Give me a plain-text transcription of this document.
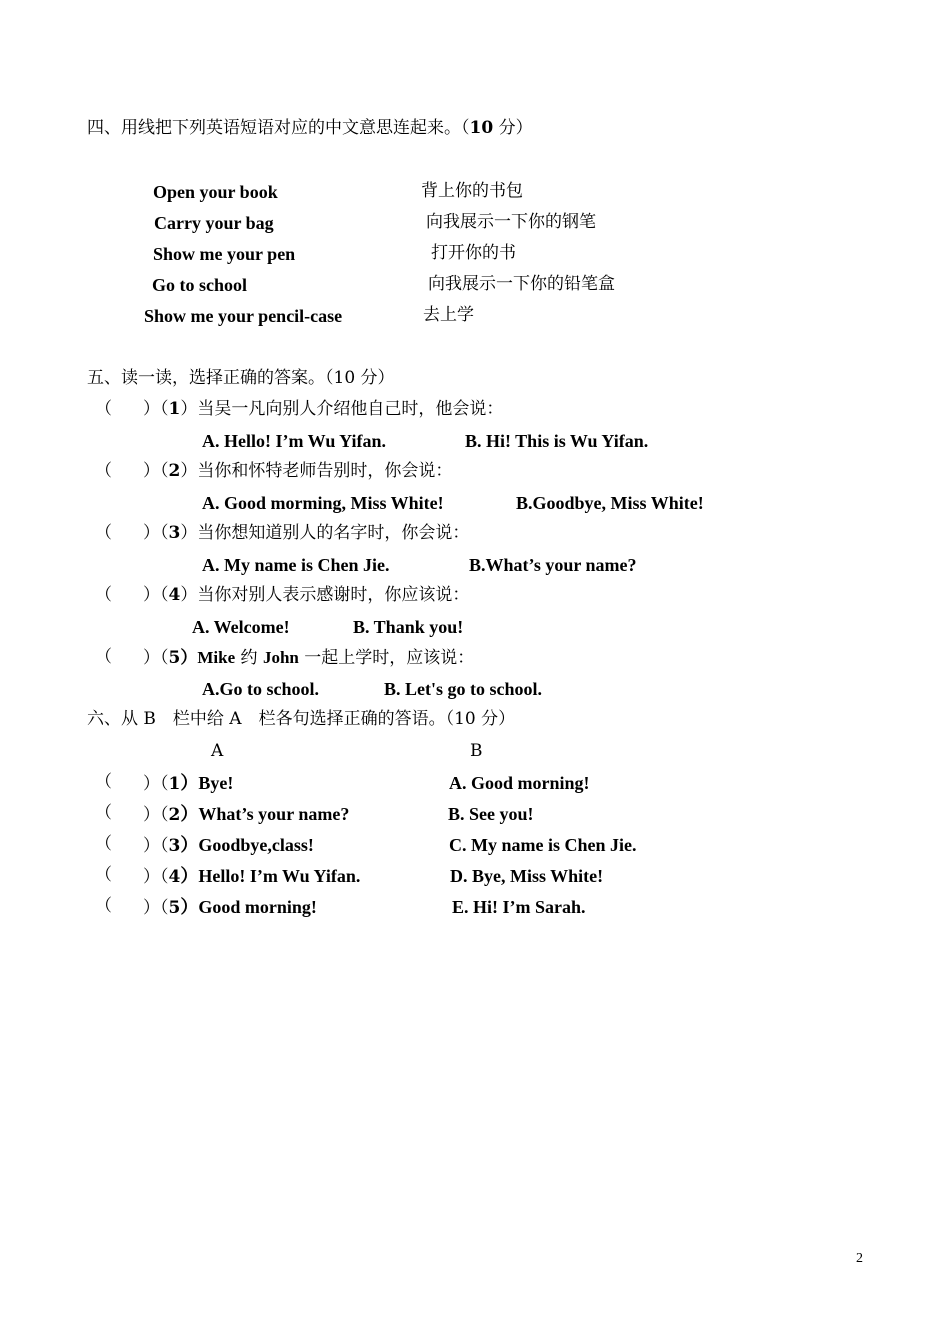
四、用线把下列英语短语对应的中文意思连起来。（10 分）
Open your book	背上你的书包
Carry your bag	向我展示一下你的钢笔
Show me your pen	打开你的书
Go to school	向我展示一下你的铅笔盒
Show me your pencil-case	去上学
五、读一读，选择正确的答案。（10 分）
（ ）（1）当吴一凡向别人介绍他自己时，他会说：
A. Hello! I’m Wu Yifan.	B. Hi! This is Wu Yifan.
（ ）（2）当你和怀特老师告别时，你会说：
A. Good morming, Miss White!	B.Goodbye, Miss White!
（ ）（3）当你想知道别人的名字时，你会说：
A. My name is Chen Jie.	B.What’s your name?
（ ）（4）当你对别人表示感谢时，你应该说：
A. Welcome!	B. Thank you!
（ ）（5）Mike 约 John 一起上学时，应该说：
A.Go to school.	B. Let's go to school.
六、从 B　栏中给 A　栏各句选择正确的答语。（10 分）
A	B
（ ）（1）Bye!	A. Good morning!
（ ）（2）What’s your name?	B. See you!
（ ）（3）Goodbye,class!	C. My name is Chen Jie.
（ ）（4）Hello! I’m Wu Yifan.	D. Bye, Miss White!
（ ）（5）Good morning!	E. Hi! I’m Sarah.
2
